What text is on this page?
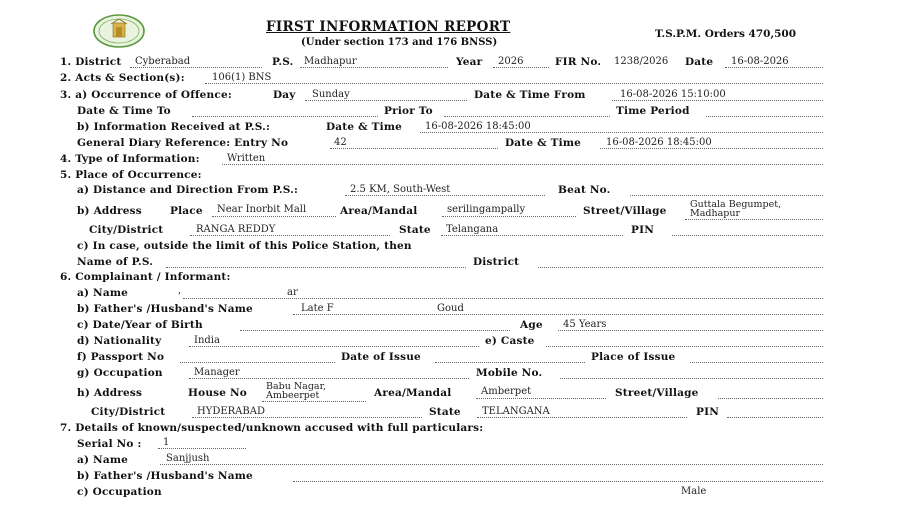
FIRST INFORMATION REPORT
(Under section 173 and 176 BNSS)
T.S.P.M. Orders 470,500
1. District Cyberabad	P.S. Madhapur	Year 2026	FIR No. 1238/2026 Date 16-08-2026
2. Acts & Section(s):	106(1) BNS
3. a) Occurrence of Offence:	Day Sunday	Date & Time From	16-08-2026 15:10:00
Date & Time To	Prior To	Time Period
b) Information Received at P.S.:	Date & Time 16-08-2026 18:45:00
General Diary Reference: Entry No	42	Date & Time 16-08-2026 18:45:00
4. Type of Information:	Written
5. Place of Occurrence:
a) Distance and Direction From P.S.:	2.5 KM, South-West	Beat No.
b) Address	Place Near Inorbit Mall	Area/Mandal	serilingampally	Street/Village
Guttala Begumpet,
Madhapur
City/District	RANGA REDDY	State Telangana	PIN
c) In case, outside the limit of this Police Station, then
Name of P.S.	District
6. Complainant / Informant:
a) Name	,	ar
b) Father's /Husband's Name	Late F	Goud
c) Date/Year of Birth	Age 45 Years
d) Nationality	India	e) Caste
f) Passport No	Date of Issue	Place of Issue
g) Occupation	Manager	Mobile No.
h) Address	House No
Babu Nagar,
Ambeerpet	Area/Mandal	Amberpet	Street/Village
City/District	HYDERABAD	State TELANGANA	PIN
7. Details of known/suspected/unknown accused with full particulars:
Serial No : 1
a) Name	Sanjjush
b) Father's /Husband's Name
c) Occupation	Male
